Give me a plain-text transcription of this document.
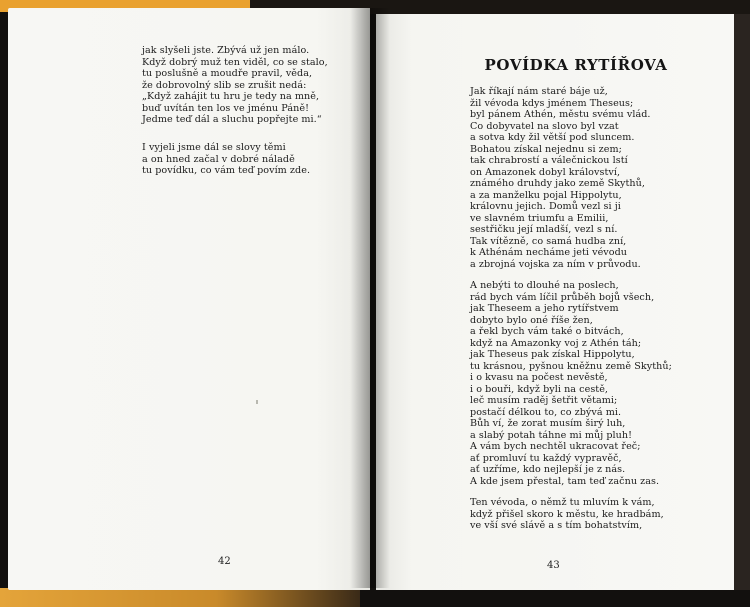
jak slyšeli jste. Zbývá už jen málo.
Když dobrý muž ten viděl, co se stalo,
tu poslušně a moudře pravil, věda,
že dobrovolný slib se zrušit nedá:
„Když zahájit tu hru je tedy na mně,
buď uvítán ten los ve jménu Páně!
Jedme teď dál a sluchu popřejte mi.“
I vyjeli jsme dál se slovy těmi
a on hned začal v dobré náladě
tu povídku, co vám teď povím zde.
42
POVÍDKA RYTÍŘOVA
Jak říkají nám staré báje už,
žil vévoda kdys jménem Theseus;
byl pánem Athén, městu svému vlád.
Co dobyvatel na slovo byl vzat
a sotva kdy žil větší pod sluncem.
Bohatou získal nejednu si zem;
tak chrabrostí a válečnickou lstí
on Amazonek dobyl království,
známého druhdy jako země Skythů,
a za manželku pojal Hippolytu,
královnu jejich. Domů vezl si ji
ve slavném triumfu a Emilii,
sestřičku její mladší, vezl s ní.
Tak vítězně, co samá hudba zní,
k Athénám necháme jeti vévodu
a zbrojná vojska za ním v průvodu.
A nebýti to dlouhé na poslech,
rád bych vám líčil průběh bojů všech,
jak Theseem a jeho rytířstvem
dobyto bylo oné říše žen,
a řekl bych vám také o bitvách,
když na Amazonky voj z Athén táh;
jak Theseus pak získal Hippolytu,
tu krásnou, pyšnou kněžnu země Skythů;
i o kvasu na počest nevěstě,
i o bouři, když byli na cestě,
leč musím raděj šetřit větami;
postačí délkou to, co zbývá mi.
Bůh ví, že zorat musím širý luh,
a slabý potah táhne mi můj pluh!
A vám bych nechtěl ukracovat řeč;
ať promluví tu každý vypravěč,
ať uzříme, kdo nejlepší je z nás.
A kde jsem přestal, tam teď začnu zas.
Ten vévoda, o němž tu mluvím k vám,
když přišel skoro k městu, ke hradbám,
ve vší své slávě a s tím bohatstvím,
43
